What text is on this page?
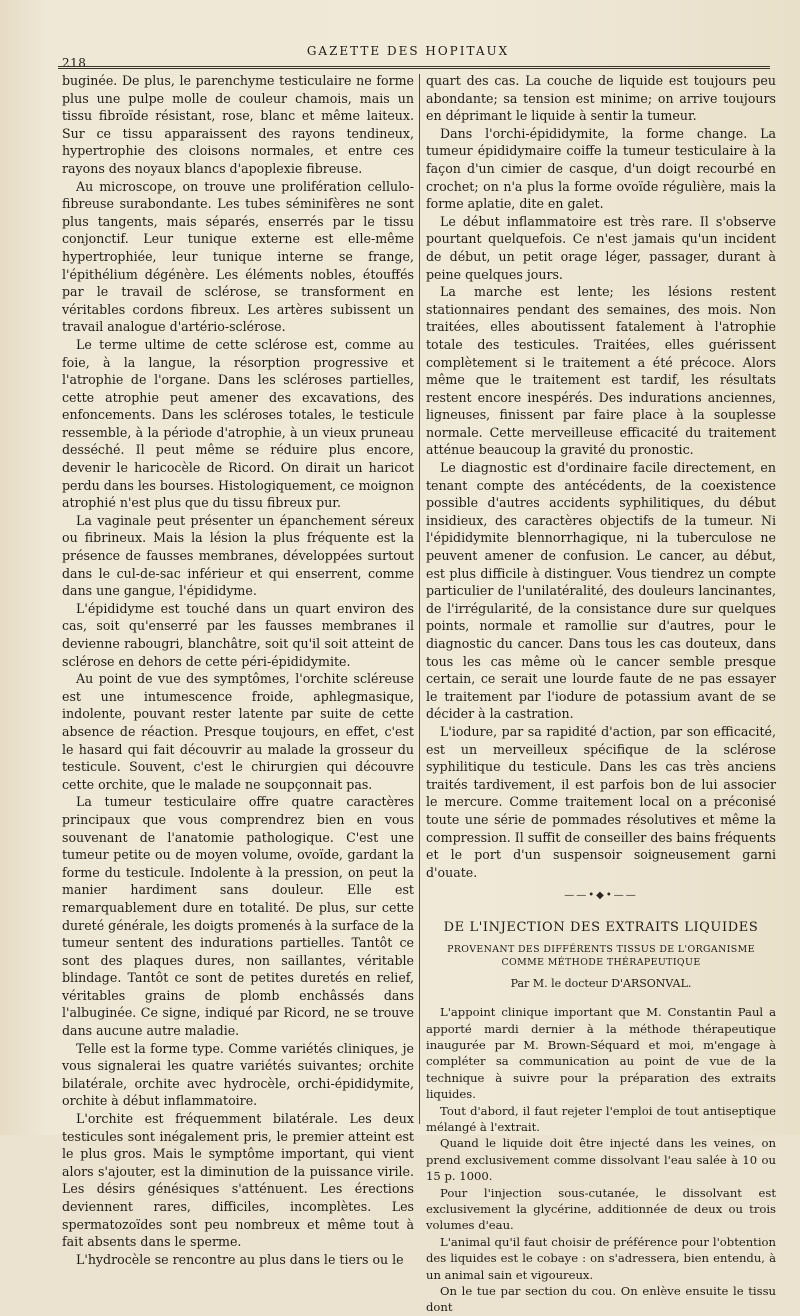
218
GAZETTE DES HOPITAUX

buginée. De plus, le parenchyme testiculaire ne forme plus une pulpe molle de couleur chamois, mais un tissu fibroïde résistant, rose, blanc et même laiteux. Sur ce tissu apparaissent des rayons tendineux, hypertrophie des cloisons normales, et entre ces rayons des noyaux blancs d'apoplexie fibreuse.

Au microscope, on trouve une prolifération cellulo-fibreuse surabondante. Les tubes séminifères ne sont plus tangents, mais séparés, enserrés par le tissu conjonctif. Leur tunique externe est elle-même hypertrophiée, leur tunique interne se frange, l'épithélium dégénère. Les éléments nobles, étouffés par le travail de sclérose, se transforment en véritables cordons fibreux. Les artères subissent un travail analogue d'artério-sclérose.

Le terme ultime de cette sclérose est, comme au foie, à la langue, la résorption progressive et l'atrophie de l'organe. Dans les scléroses partielles, cette atrophie peut amener des excavations, des enfoncements. Dans les scléroses totales, le testicule ressemble, à la période d'atrophie, à un vieux pruneau desséché. Il peut même se réduire plus encore, devenir le haricocèle de Ricord. On dirait un haricot perdu dans les bourses. Histologiquement, ce moignon atrophié n'est plus que du tissu fibreux pur.

La vaginale peut présenter un épanchement séreux ou fibrineux. Mais la lésion la plus fréquente est la présence de fausses membranes, développées surtout dans le cul-de-sac inférieur et qui enserrent, comme dans une gangue, l'épididyme.

L'épididyme est touché dans un quart environ des cas, soit qu'enserré par les fausses membranes il devienne rabougri, blanchâtre, soit qu'il soit atteint de sclérose en dehors de cette péri-épididymite.

Au point de vue des symptômes, l'orchite scléreuse est une intumescence froide, aphlegmasique, indolente, pouvant rester latente par suite de cette absence de réaction. Presque toujours, en effet, c'est le hasard qui fait découvrir au malade la grosseur du testicule. Souvent, c'est le chirurgien qui découvre cette orchite, que le malade ne soupçonnait pas.

La tumeur testiculaire offre quatre caractères principaux que vous comprendrez bien en vous souvenant de l'anatomie pathologique. C'est une tumeur petite ou de moyen volume, ovoïde, gardant la forme du testicule. Indolente à la pression, on peut la manier hardiment sans douleur. Elle est remarquablement dure en totalité. De plus, sur cette dureté générale, les doigts promenés à la surface de la tumeur sentent des indurations partielles. Tantôt ce sont des plaques dures, non saillantes, véritable blindage. Tantôt ce sont de petites duretés en relief, véritables grains de plomb enchâssés dans l'albuginée. Ce signe, indiqué par Ricord, ne se trouve dans aucune autre maladie.

Telle est la forme type. Comme variétés cliniques, je vous signalerai les quatre variétés suivantes; orchite bilatérale, orchite avec hydrocèle, orchi-épididymite, orchite à début inflammatoire.

L'orchite est fréquemment bilatérale. Les deux testicules sont inégalement pris, le premier atteint est le plus gros. Mais le symptôme important, qui vient alors s'ajouter, est la diminution de la puissance virile. Les désirs génésiques s'atténuent. Les érections deviennent rares, difficiles, incomplètes. Les spermatozoïdes sont peu nombreux et même tout à fait absents dans le sperme.

L'hydrocèle se rencontre au plus dans le tiers ou le

quart des cas. La couche de liquide est toujours peu abondante; sa tension est minime; on arrive toujours en déprimant le liquide à sentir la tumeur.

Dans l'orchi-épididymite, la forme change. La tumeur épididymaire coiffe la tumeur testiculaire à la façon d'un cimier de casque, d'un doigt recourbé en crochet; on n'a plus la forme ovoïde régulière, mais la forme aplatie, dite en galet.

Le début inflammatoire est très rare. Il s'observe pourtant quelquefois. Ce n'est jamais qu'un incident de début, un petit orage léger, passager, durant à peine quelques jours.

La marche est lente; les lésions restent stationnaires pendant des semaines, des mois. Non traitées, elles aboutissent fatalement à l'atrophie totale des testicules. Traitées, elles guérissent complètement si le traitement a été précoce. Alors même que le traitement est tardif, les résultats restent encore inespérés. Des indurations anciennes, ligneuses, finissent par faire place à la souplesse normale. Cette merveilleuse efficacité du traitement atténue beaucoup la gravité du pronostic.

Le diagnostic est d'ordinaire facile directement, en tenant compte des antécédents, de la coexistence possible d'autres accidents syphilitiques, du début insidieux, des caractères objectifs de la tumeur. Ni l'épididymite blennorrhagique, ni la tuberculose ne peuvent amener de confusion. Le cancer, au début, est plus difficile à distinguer. Vous tiendrez un compte particulier de l'unilatéralité, des douleurs lancinantes, de l'irrégularité, de la consistance dure sur quelques points, normale et ramollie sur d'autres, pour le diagnostic du cancer. Dans tous les cas douteux, dans tous les cas même où le cancer semble presque certain, ce serait une lourde faute de ne pas essayer le traitement par l'iodure de potassium avant de se décider à la castration.

L'iodure, par sa rapidité d'action, par son efficacité, est un merveilleux spécifique de la sclérose syphilitique du testicule. Dans les cas très anciens traités tardivement, il est parfois bon de lui associer le mercure. Comme traitement local on a préconisé toute une série de pommades résolutives et même la compression. Il suffit de conseiller des bains fréquents et le port d'un suspensoir soigneusement garni d'ouate.

——•◆•——
DE L'INJECTION DES EXTRAITS LIQUIDES
PROVENANT DES DIFFÉRENTS TISSUS DE L'ORGANISME COMME MÉTHODE THÉRAPEUTIQUE
Par M. le docteur D'ARSONVAL.

L'appoint clinique important que M. Constantin Paul a apporté mardi dernier à la méthode thérapeutique inaugurée par M. Brown-Séquard et moi, m'engage à compléter sa communication au point de vue de la technique à suivre pour la préparation des extraits liquides.

Tout d'abord, il faut rejeter l'emploi de tout antiseptique mélangé à l'extrait.

Quand le liquide doit être injecté dans les veines, on prend exclusivement comme dissolvant l'eau salée à 10 ou 15 p. 1000.

Pour l'injection sous-cutanée, le dissolvant est exclusivement la glycérine, additionnée de deux ou trois volumes d'eau.

L'animal qu'il faut choisir de préférence pour l'obtention des liquides est le cobaye : on s'adressera, bien entendu, à un animal sain et vigoureux.

On le tue par section du cou. On enlève ensuite le tissu dont
